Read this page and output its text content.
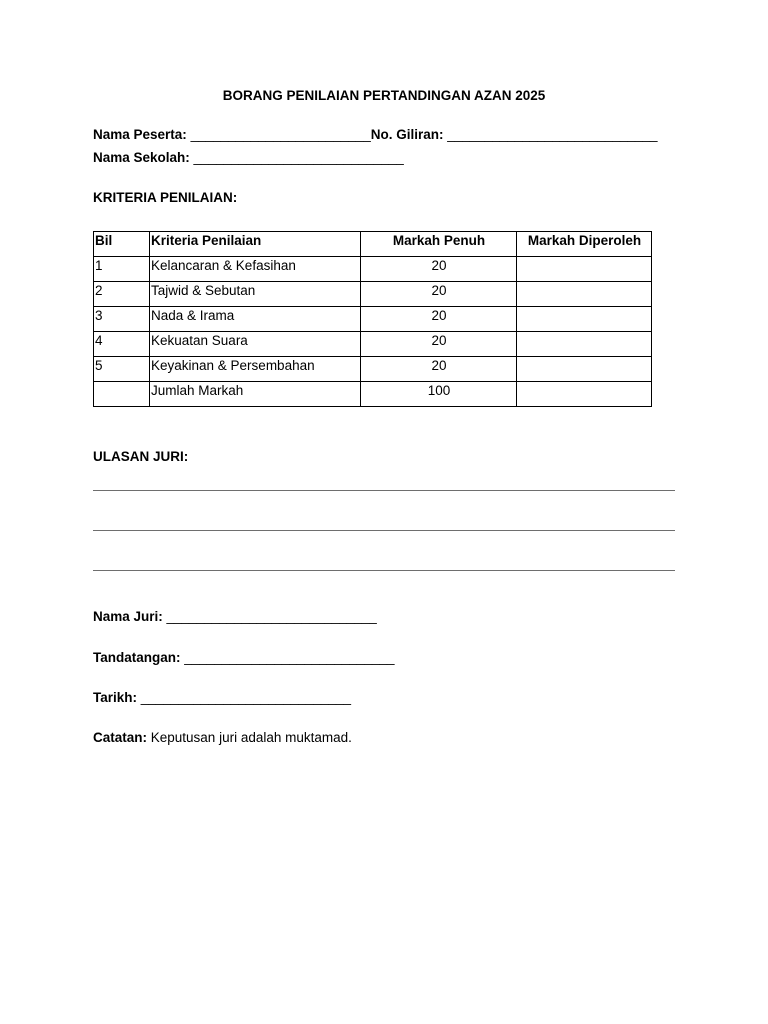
BORANG PENILAIAN PERTANDINGAN AZAN 2025
Nama Peserta: ________________________No. Giliran: ____________________________
Nama Sekolah: ____________________________
KRITERIA PENILAIAN:
Bil	Kriteria Penilaian	Markah Penuh	Markah Diperoleh
1	Kelancaran & Kefasihan	20	
2	Tajwid & Sebutan	20	
3	Nada & Irama	20	
4	Kekuatan Suara	20	
5	Keyakinan & Persembahan	20	
	Jumlah Markah	100	
ULASAN JURI:
Nama Juri: ____________________________
Tandatangan: ____________________________
Tarikh: ____________________________
Catatan: Keputusan juri adalah muktamad.
